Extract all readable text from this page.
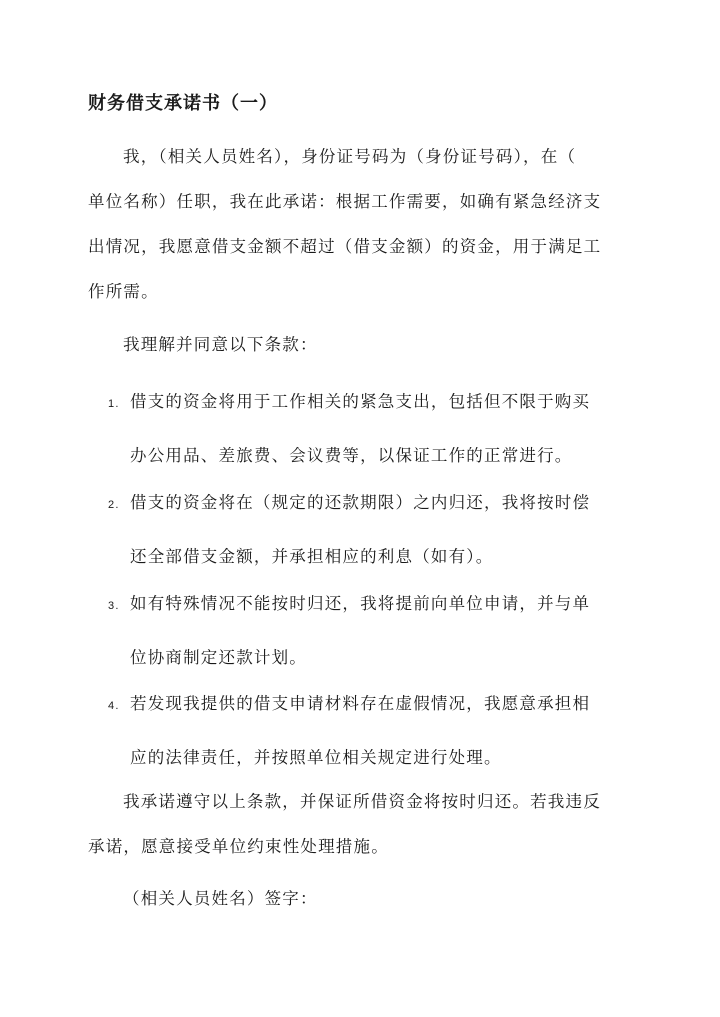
财务借支承诺书（一）
我，（相关人员姓名），身份证号码为（身份证号码），在（
单位名称）任职，我在此承诺：根据工作需要，如确有紧急经济支
出情况，我愿意借支金额不超过（借支金额）的资金，用于满足工
作所需。
我理解并同意以下条款：
1. 借支的资金将用于工作相关的紧急支出，包括但不限于购买
办公用品、差旅费、会议费等，以保证工作的正常进行。
2. 借支的资金将在（规定的还款期限）之内归还，我将按时偿
还全部借支金额，并承担相应的利息（如有）。
3. 如有特殊情况不能按时归还，我将提前向单位申请，并与单
位协商制定还款计划。
4. 若发现我提供的借支申请材料存在虚假情况，我愿意承担相
应的法律责任，并按照单位相关规定进行处理。
我承诺遵守以上条款，并保证所借资金将按时归还。若我违反
承诺，愿意接受单位约束性处理措施。
（相关人员姓名）签字：
